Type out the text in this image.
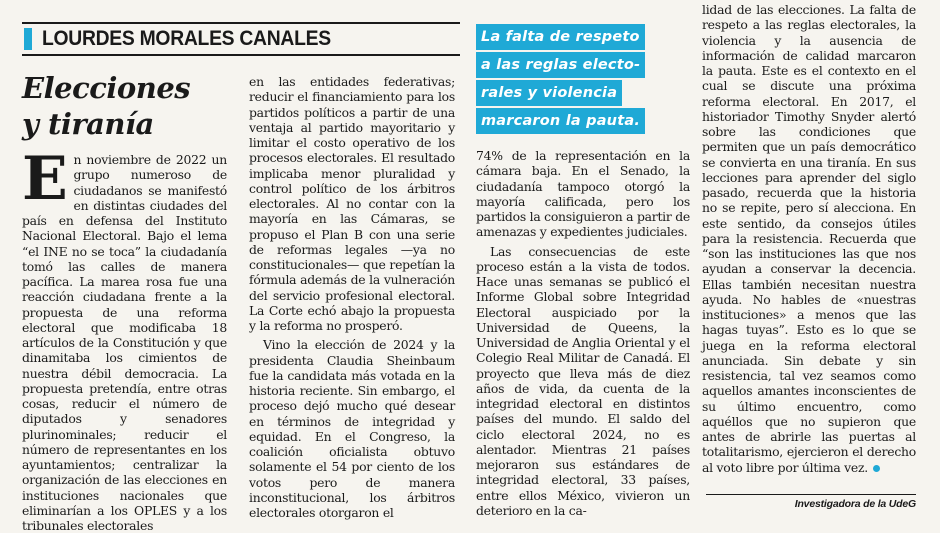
LOURDES MORALES CANALES
Elecciones
y tiranía

En noviembre de 2022 un grupo numeroso de ciudadanos se manifestó en distintas ciudades del país en defensa del Instituto Nacional Electoral. Bajo el lema “el INE no se toca” la ciudadanía tomó las calles de manera pacífica. La marea rosa fue una reacción ciudadana frente a la propuesta de una reforma electoral que modificaba 18 artículos de la Constitución y que dinamitaba los cimientos de nuestra débil democracia. La propuesta pretendía, entre otras cosas, reducir el número de diputados y senadores plurinominales; reducir el número de representantes en los ayuntamientos; centralizar la organización de las elecciones en instituciones nacionales que eliminarían a los OPLES y a los tribunales electorales

en las entidades federativas; reducir el financiamiento para los partidos políticos a partir de una ventaja al partido mayoritario y limitar el costo operativo de los procesos electorales. El resultado implicaba menor pluralidad y control político de los árbitros electorales. Al no contar con la mayoría en las Cámaras, se propuso el Plan B con una serie de reformas legales —ya no constitucionales— que repetían la fórmula además de la vulneración del servicio profesional electoral. La Corte echó abajo la propuesta y la reforma no prosperó.

Vino la elección de 2024 y la presidenta Claudia Sheinbaum fue la candidata más votada en la historia reciente. Sin embargo, el proceso dejó mucho qué desear en términos de integridad y equidad. En el Congreso, la coalición oficialista obtuvo solamente el 54 por ciento de los votos pero de manera inconstitucional, los árbitros electorales otorgaron el

La falta de respeto
a las reglas electo-
rales y violencia
marcaron la pauta.

74% de la representación en la cámara baja. En el Senado, la ciudadanía tampoco otorgó la mayoría calificada, pero los partidos la consiguieron a partir de amenazas y expedientes judiciales.

Las consecuencias de este proceso están a la vista de todos. Hace unas semanas se publicó el Informe Global sobre Integridad Electoral auspiciado por la Universidad de Queens, la Universidad de Anglia Oriental y el Colegio Real Militar de Canadá. El proyecto que lleva más de diez años de vida, da cuenta de la integridad electoral en distintos países del mundo. El saldo del ciclo electoral 2024, no es alentador. Mientras 21 países mejoraron sus estándares de integridad electoral, 33 países, entre ellos México, vivieron un deterioro en la ca-

lidad de las elecciones. La falta de respeto a las reglas electorales, la violencia y la ausencia de información de calidad marcaron la pauta. Este es el contexto en el cual se discute una próxima reforma electoral. En 2017, el historiador Timothy Snyder alertó sobre las condiciones que permiten que un país democrático se convierta en una tiranía. En sus lecciones para aprender del siglo pasado, recuerda que la historia no se repite, pero sí alecciona. En este sentido, da consejos útiles para la resistencia. Recuerda que “son las instituciones las que nos ayudan a conservar la decencia. Ellas también necesitan nuestra ayuda. No hables de «nuestras instituciones» a menos que las hagas tuyas”. Esto es lo que se juega en la reforma electoral anunciada. Sin debate y sin resistencia, tal vez seamos como aquellos amantes inconscientes de su último encuentro, como aquéllos que no supieron que antes de abrirle las puertas al totalitarismo, ejercieron el derecho al voto libre por última vez.

Investigadora de la UdeG
